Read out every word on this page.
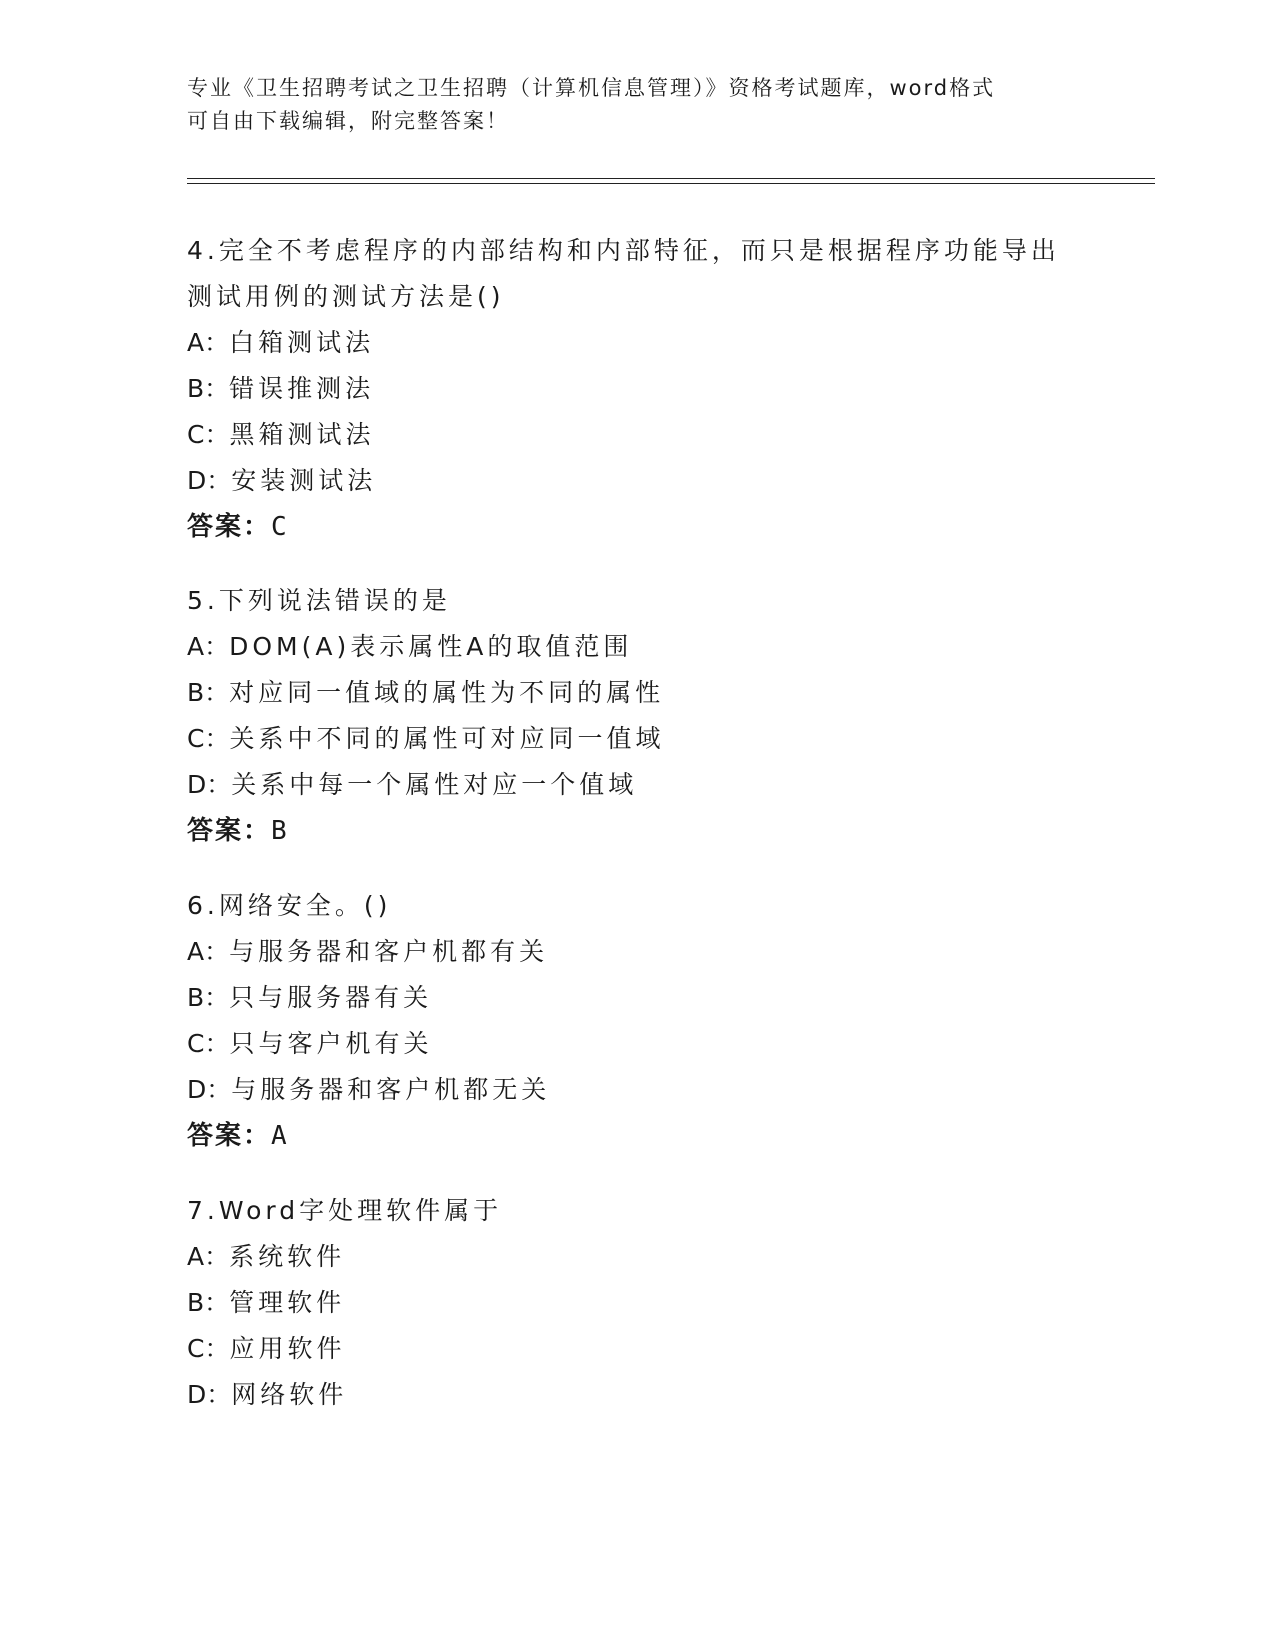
专业《卫生招聘考试之卫生招聘（计算机信息管理）》资格考试题库，word格式
可自由下载编辑，附完整答案！
4.完全不考虑程序的内部结构和内部特征，而只是根据程序功能导出
测试用例的测试方法是()
A：白箱测试法
B：错误推测法
C：黑箱测试法
D：安装测试法
答案：C
5.下列说法错误的是
A：DOM(A)表示属性A的取值范围
B：对应同一值域的属性为不同的属性
C：关系中不同的属性可对应同一值域
D：关系中每一个属性对应一个值域
答案：B
6.网络安全。()
A：与服务器和客户机都有关
B：只与服务器有关
C：只与客户机有关
D：与服务器和客户机都无关
答案：A
7.Word字处理软件属于
A：系统软件
B：管理软件
C：应用软件
D：网络软件
